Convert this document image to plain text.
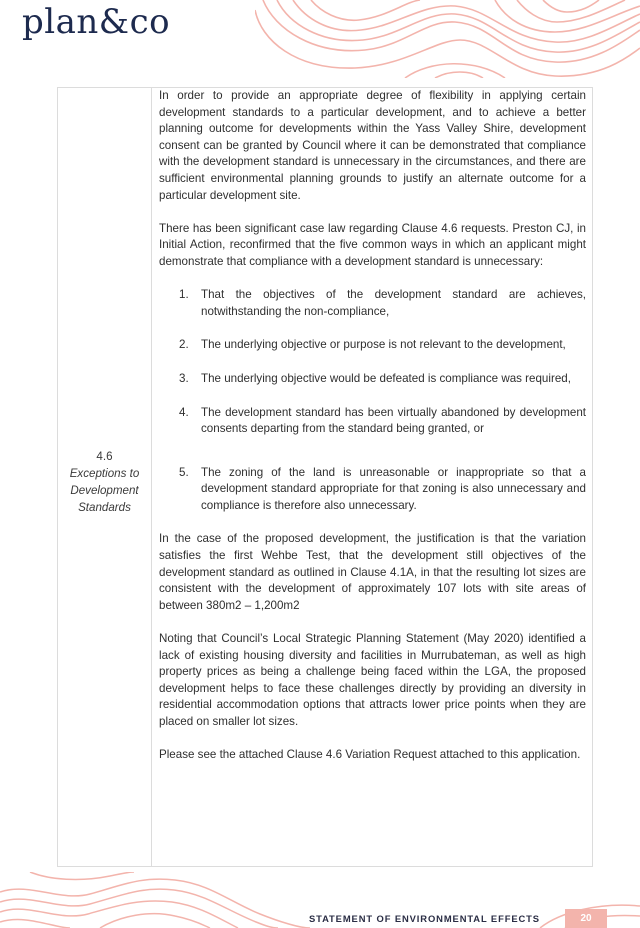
plan&co
4.6
Exceptions to
Development
Standards

In order to provide an appropriate degree of flexibility in applying certain development standards to a particular development, and to achieve a better planning outcome for developments within the Yass Valley Shire, development consent can be granted by Council where it can be demonstrated that compliance with the development standard is unnecessary in the circumstances, and there are sufficient environmental planning grounds to justify an alternate outcome for a particular development site.

There has been significant case law regarding Clause 4.6 requests. Preston CJ, in Initial Action, reconfirmed that the five common ways in which an applicant might demonstrate that compliance with a development standard is unnecessary:

1.	That the objectives of the development standard are achieves, notwithstanding the non-compliance,
2.	The underlying objective or purpose is not relevant to the development,
3.	The underlying objective would be defeated is compliance was required,
4.	The development standard has been virtually abandoned by development consents departing from the standard being granted, or
5.	The zoning of the land is unreasonable or inappropriate so that a development standard appropriate for that zoning is also unnecessary and compliance is therefore also unnecessary.

In the case of the proposed development, the justification is that the variation satisfies the first Wehbe Test, that the development still objectives of the development standard as outlined in Clause 4.1A, in that the resulting lot sizes are consistent with the development of approximately 107 lots with site areas of between 380m2 – 1,200m2

Noting that Council’s Local Strategic Planning Statement (May 2020) identified a lack of existing housing diversity and facilities in Murrubateman, as well as high property prices as being a challenge being faced within the LGA, the proposed development helps to face these challenges directly by providing an diversity in residential accommodation options that attracts lower price points when they are placed on smaller lot sizes.

Please see the attached Clause 4.6 Variation Request attached to this application.

STATEMENT OF ENVIRONMENTAL EFFECTS	20
